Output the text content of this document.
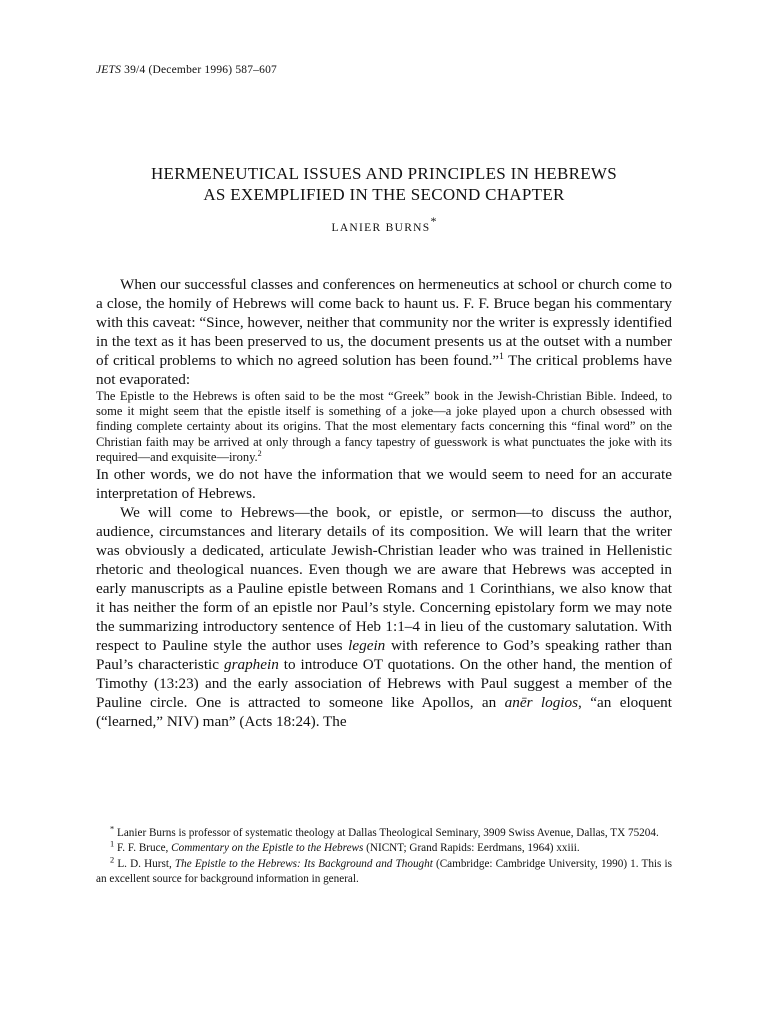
JETS 39/4 (December 1996) 587–607
HERMENEUTICAL ISSUES AND PRINCIPLES IN HEBREWS
AS EXEMPLIFIED IN THE SECOND CHAPTER
LANIER BURNS*

When our successful classes and conferences on hermeneutics at school or church come to a close, the homily of Hebrews will come back to haunt us. F. F. Bruce began his commentary with this caveat: “Since, however, neither that community nor the writer is expressly identified in the text as it has been preserved to us, the document presents us at the outset with a number of critical problems to which no agreed solution has been found.”$^1$ The critical problems have not evaporated:

The Epistle to the Hebrews is often said to be the most “Greek” book in the Jewish-Christian Bible. Indeed, to some it might seem that the epistle itself is something of a joke—a joke played upon a church obsessed with finding complete certainty about its origins. That the most elementary facts concerning this “final word” on the Christian faith may be arrived at only through a fancy tapestry of guesswork is what punctuates the joke with its required—and exquisite—irony.$^2$

In other words, we do not have the information that we would seem to need for an accurate interpretation of Hebrews.

We will come to Hebrews—the book, or epistle, or sermon—to discuss the author, audience, circumstances and literary details of its composition. We will learn that the writer was obviously a dedicated, articulate Jewish-Christian leader who was trained in Hellenistic rhetoric and theological nuances. Even though we are aware that Hebrews was accepted in early manuscripts as a Pauline epistle between Romans and 1 Corinthians, we also know that it has neither the form of an epistle nor Paul’s style. Concerning epistolary form we may note the summarizing introductory sentence of Heb 1:1–4 in lieu of the customary salutation. With respect to Pauline style the author uses legein with reference to God’s speaking rather than Paul’s characteristic graphein to introduce OT quotations. On the other hand, the mention of Timothy (13:23) and the early association of Hebrews with Paul suggest a member of the Pauline circle. One is attracted to someone like Apollos, an anēr logios, “an eloquent (“learned,” NIV) man” (Acts 18:24). The

* Lanier Burns is professor of systematic theology at Dallas Theological Seminary, 3909 Swiss Avenue, Dallas, TX 75204.

$^1$ F. F. Bruce, Commentary on the Epistle to the Hebrews (NICNT; Grand Rapids: Eerdmans, 1964) xxiii.

$^2$ L. D. Hurst, The Epistle to the Hebrews: Its Background and Thought (Cambridge: Cambridge University, 1990) 1. This is an excellent source for background information in general.
